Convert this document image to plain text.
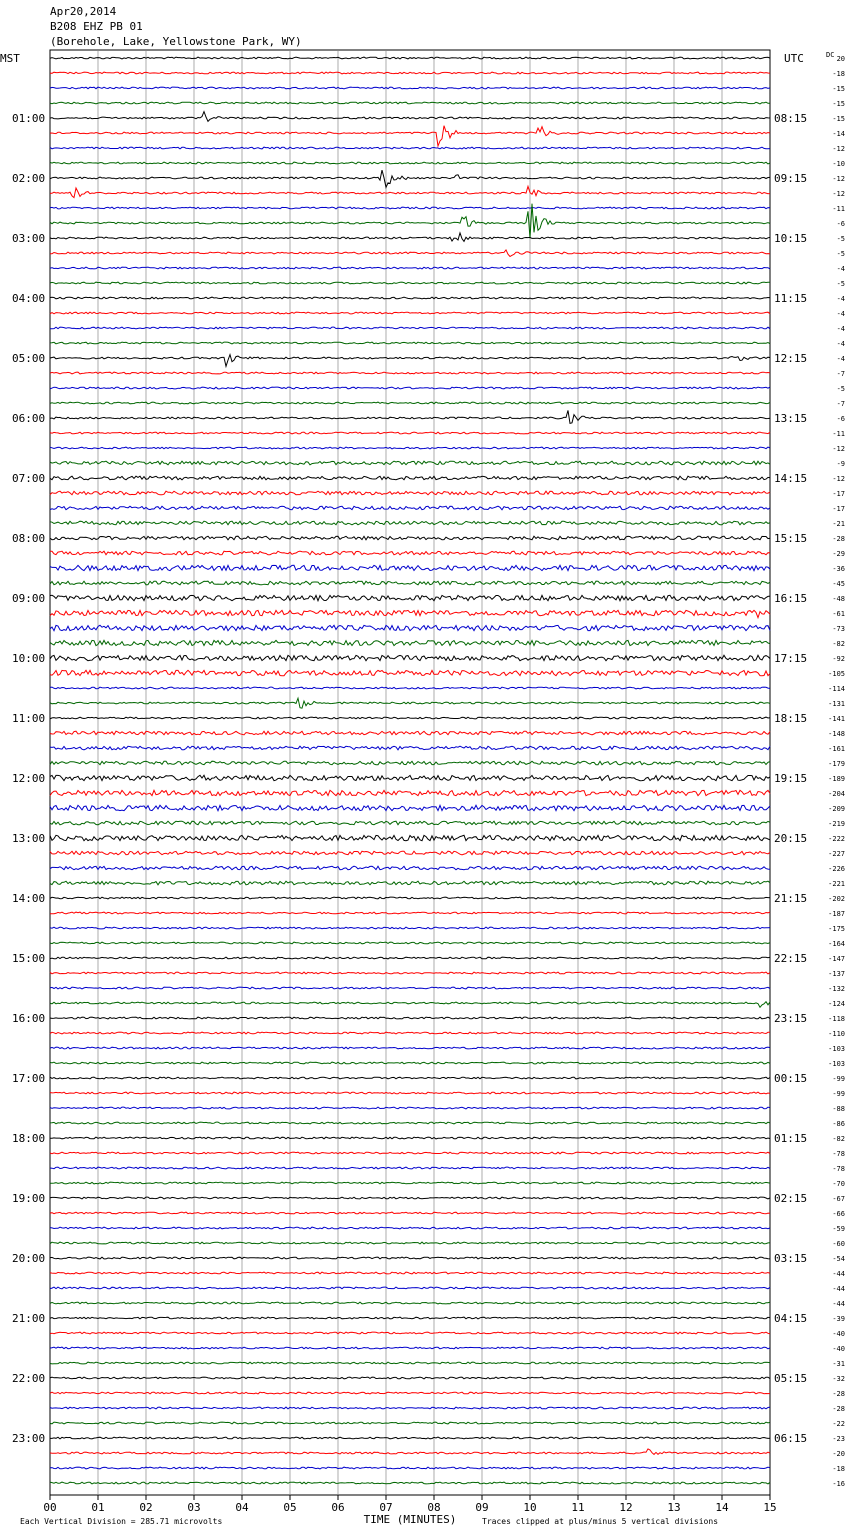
Apr20,2014
B208 EHZ PB 01
(Borehole, Lake, Yellowstone Park, WY)
MST	UTC	DC
01:00
02:00
03:00
04:00
05:00
06:00
07:00
08:00
09:00
10:00
11:00
12:00
13:00
14:00
15:00
16:00
17:00
18:00
19:00
20:00
21:00
22:00
23:00
08:15
09:15
10:15
11:15
12:15
13:15
14:15
15:15
16:15
17:15
18:15
19:15
20:15
21:15
22:15
23:15
00:15
01:15
02:15
03:15
04:15
05:15
06:15
20
-18
-15
-15
-15
-14
-12
-10
-12
-12
-11
-6
-5
-5
-4
-5
-4
-4
-4
-4
-4
-7
-5
-7
-6
-11
-12
-9
-12
-17
-17
-21
-28
-29
-36
-45
-48
-61
-73
-82
-92
-105
-114
-131
-141
-148
-161
-179
-189
-204
-209
-219
-222
-227
-226
-221
-202
-187
-175
-164
-147
-137
-132
-124
-118
-110
-103
-103
-99
-99
-88
-86
-82
-78
-78
-70
-67
-66
-59
-60
-54
-44
-44
-44
-39
-40
-40
-31
-32
-28
-28
-22
-23
-20
-18
-16
00	01	02	03	04	05	06	07	08	09	10	11	12	13	14	15
TIME (MINUTES)
Each Vertical Division = 285.71 microvolts	Traces clipped at plus/minus 5 vertical divisions
